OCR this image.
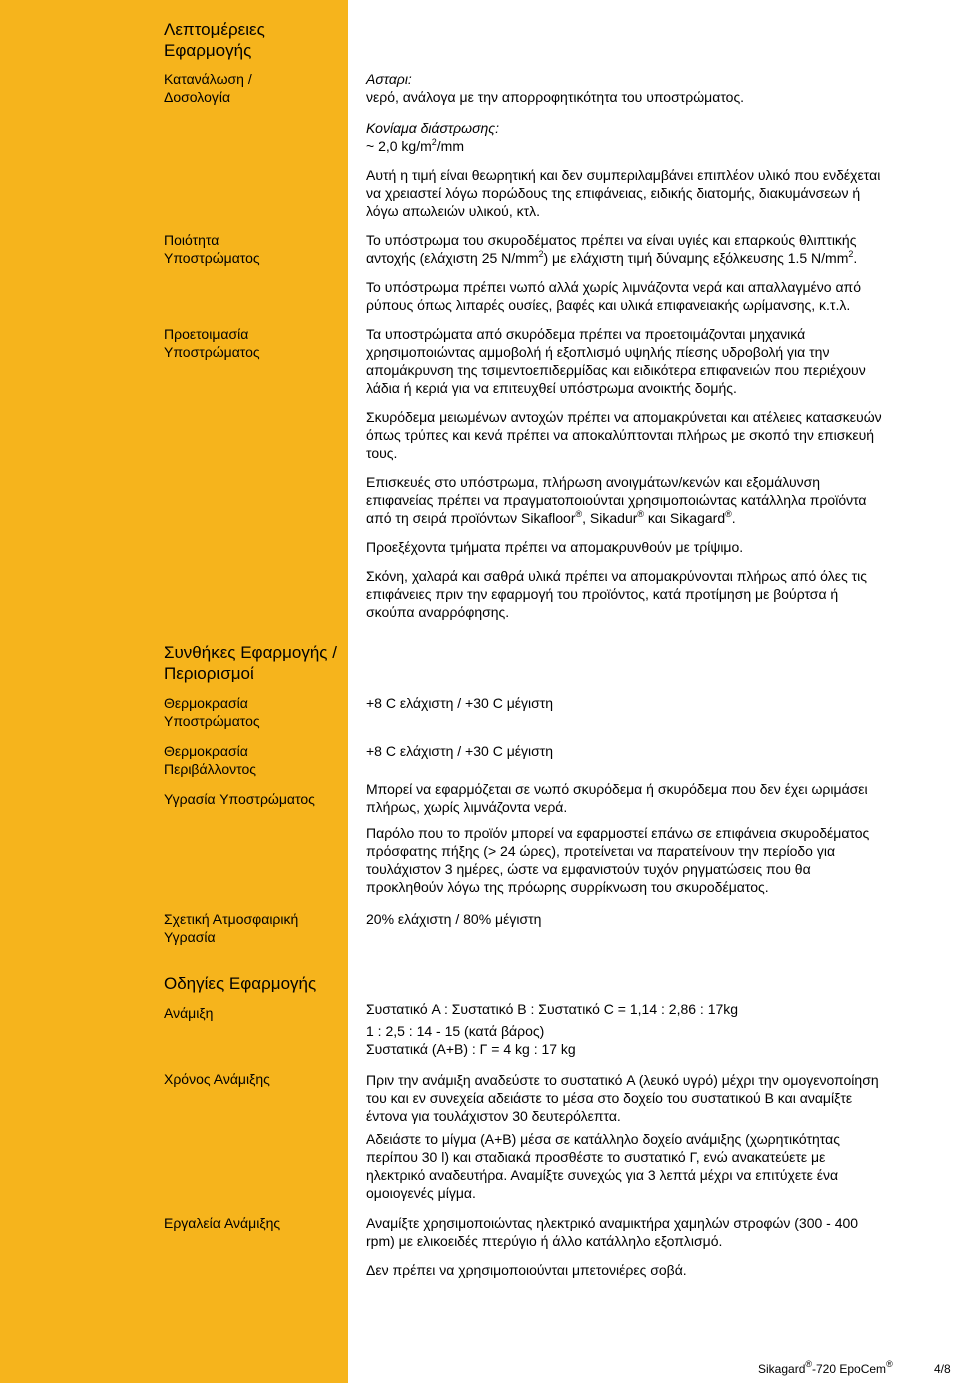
Λεπτομέρειες
Εφαρμογής
Κατανάλωση /
Δοσολογία
Ποιότητα
Υποστρώματος
Προετοιμασία
Υποστρώματος
Συνθήκες Εφαρμογής /
Περιορισμοί
Θερμοκρασία
Υποστρώματος
Θερμοκρασία
Περιβάλλοντος
Υγρασία Υποστρώματος
Σχετική Ατμοσφαιρική
Υγρασία
Οδηγίες Εφαρμογής
Ανάμιξη
Χρόνος Ανάμιξης
Εργαλεία Ανάμιξης
Ασταρι:
νερό, ανάλογα με την απορροφητικότητα του υποστρώματος.
Κονίαμα διάστρωσης:
~ 2,0 $kg/m^2/mm$
Αυτή η τιμή είναι θεωρητική και δεν συμπεριλαμβάνει επιπλέον υλικό που ενδέχεται
να χρειαστεί λόγω πορώδους της επιφάνειας, ειδικής διατομής, διακυμάνσεων ή
λόγω απωλειών υλικού, κτλ.
Το υπόστρωμα του σκυροδέματος πρέπει να είναι υγιές και επαρκούς θλιπτικής
αντοχής (ελάχιστη 25 $N/mm^2$) με ελάχιστη τιμή δύναμης εξόλκευσης 1.5 $N/mm^2$.
Το υπόστρωμα πρέπει νωπό αλλά χωρίς λιμνάζοντα νερά και απαλλαγμένο από
ρύπους όπως λιπαρές ουσίες, βαφές και υλικά επιφανειακής ωρίμανσης, κ.τ.λ.
Τα υποστρώματα από σκυρόδεμα πρέπει να προετοιμάζονται μηχανικά
χρησιμοποιώντας αμμοβολή ή εξοπλισμό υψηλής πίεσης υδροβολή για την
απομάκρυνση της τσιμεντοεπιδερμίδας και ειδικότερα επιφανειών που περιέχουν
λάδια ή κεριά για να επιτευχθεί υπόστρωμα ανοικτής δομής.
Σκυρόδεμα μειωμένων αντοχών πρέπει να απομακρύνεται και ατέλειες κατασκευών
όπως τρύπες και κενά πρέπει να αποκαλύπτονται πλήρως με σκοπό την επισκευή
τους.
Επισκευές στο υπόστρωμα, πλήρωση ανοιγμάτων/κενών και εξομάλυνση
επιφανείας πρέπει να πραγματοποιούνται χρησιμοποιώντας κατάλληλα προϊόντα
από τη σειρά προϊόντων Sikafloor®, Sikadur® και Sikagard®.
Προεξέχοντα τμήματα πρέπει να απομακρυνθούν με τρίψιμο.
Σκόνη, χαλαρά και σαθρά υλικά πρέπει να απομακρύνονται πλήρως από όλες τις
επιφάνειες πριν την εφαρμογή του προϊόντος, κατά προτίμηση με βούρτσα ή
σκούπα αναρρόφησης.
+8 C ελάχιστη / +30 C μέγιστη
+8 C ελάχιστη / +30 C μέγιστη
Μπορεί να εφαρμόζεται σε νωπό σκυρόδεμα ή σκυρόδεμα που δεν έχει ωριμάσει
πλήρως, χωρίς λιμνάζοντα νερά.
Παρόλο που το προϊόν μπορεί να εφαρμοστεί επάνω σε επιφάνεια σκυροδέματος
πρόσφατης πήξης (> 24 ώρες), προτείνεται να παρατείνουν την περίοδο για
τουλάχιστον 3 ημέρες, ώστε να εμφανιστούν τυχόν ρηγματώσεις που θα
προκληθούν λόγω της πρόωρης συρρίκνωση του σκυροδέματος.
20% ελάχιστη / 80% μέγιστη
Συστατικό A : Συστατικό B : Συστατικό C = 1,14 : 2,86 : 17kg
1 : 2,5 : 14 - 15 (κατά βάρος)
Συστατικά (A+B) : Γ = 4 kg : 17 kg
Πριν την ανάμιξη αναδεύστε το συστατικό A (λευκό υγρό) μέχρι την ομογενοποίηση
του και εν συνεχεία αδειάστε το μέσα στο δοχείο του συστατικού B και αναμίξτε
έντονα για τουλάχιστον 30 δευτερόλεπτα.
Αδειάστε το μίγμα (A+B) μέσα σε κατάλληλο δοχείο ανάμιξης (χωρητικότητας
περίπου 30 l) και σταδιακά προσθέστε το συστατικό Γ, ενώ ανακατεύετε με
ηλεκτρικό αναδευτήρα. Αναμίξτε συνεχώς για 3 λεπτά μέχρι να επιτύχετε ένα
ομοιογενές μίγμα.
Αναμίξτε χρησιμοποιώντας ηλεκτρικό αναμικτήρα χαμηλών στροφών (300 - 400
rpm) με ελικοειδές πτερύγιο ή άλλο κατάλληλο εξοπλισμό.
Δεν πρέπει να χρησιμοποιούνται μπετονιέρες σοβά.
Sikagard®-720 EpoCem®	4/8
